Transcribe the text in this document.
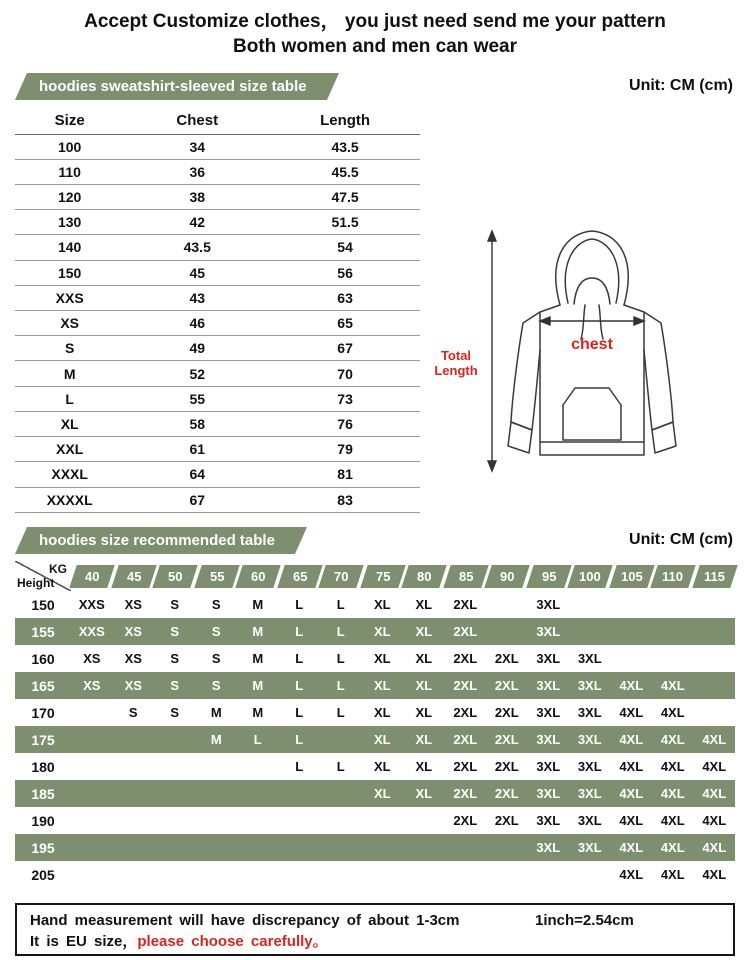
Accept Customize clothes， you just need send me your pattern
Both women and men can wear
hoodies sweatshirt-sleeved size table	Unit: CM (cm)
Size	Chest	Length
100	34	43.5
110	36	45.5
120	38	47.5
130	42	51.5
140	43.5	54
150	45	56
XXS	43	63
XS	46	65
S	49	67
M	52	70
L	55	73
XL	58	76
XXL	61	79
XXXL	64	81
XXXXL	67	83
Total Length
chest
hoodies size recommended table	Unit: CM (cm)
KG
Height	40	45	50	55	60	65	70	75	80	85	90	95	100	105	110	115

150	XXS	XS	S	S	M	L	L	XL	XL	2XL		3XL				
155	XXS	XS	S	S	M	L	L	XL	XL	2XL		3XL				
160	XS	XS	S	S	M	L	L	XL	XL	2XL	2XL	3XL	3XL			
165	XS	XS	S	S	M	L	L	XL	XL	2XL	2XL	3XL	3XL	4XL	4XL	
170		S	S	M	M	L	L	XL	XL	2XL	2XL	3XL	3XL	4XL	4XL	
175				M	L	L		XL	XL	2XL	2XL	3XL	3XL	4XL	4XL	4XL
180						L	L	XL	XL	2XL	2XL	3XL	3XL	4XL	4XL	4XL
185								XL	XL	2XL	2XL	3XL	3XL	4XL	4XL	4XL
190										2XL	2XL	3XL	3XL	4XL	4XL	4XL
195												3XL	3XL	4XL	4XL	4XL
205														4XL	4XL	4XL
Hand measurement will have discrepancy of about 1-3cm	1inch=2.54cm
It is EU size，please choose carefully。
